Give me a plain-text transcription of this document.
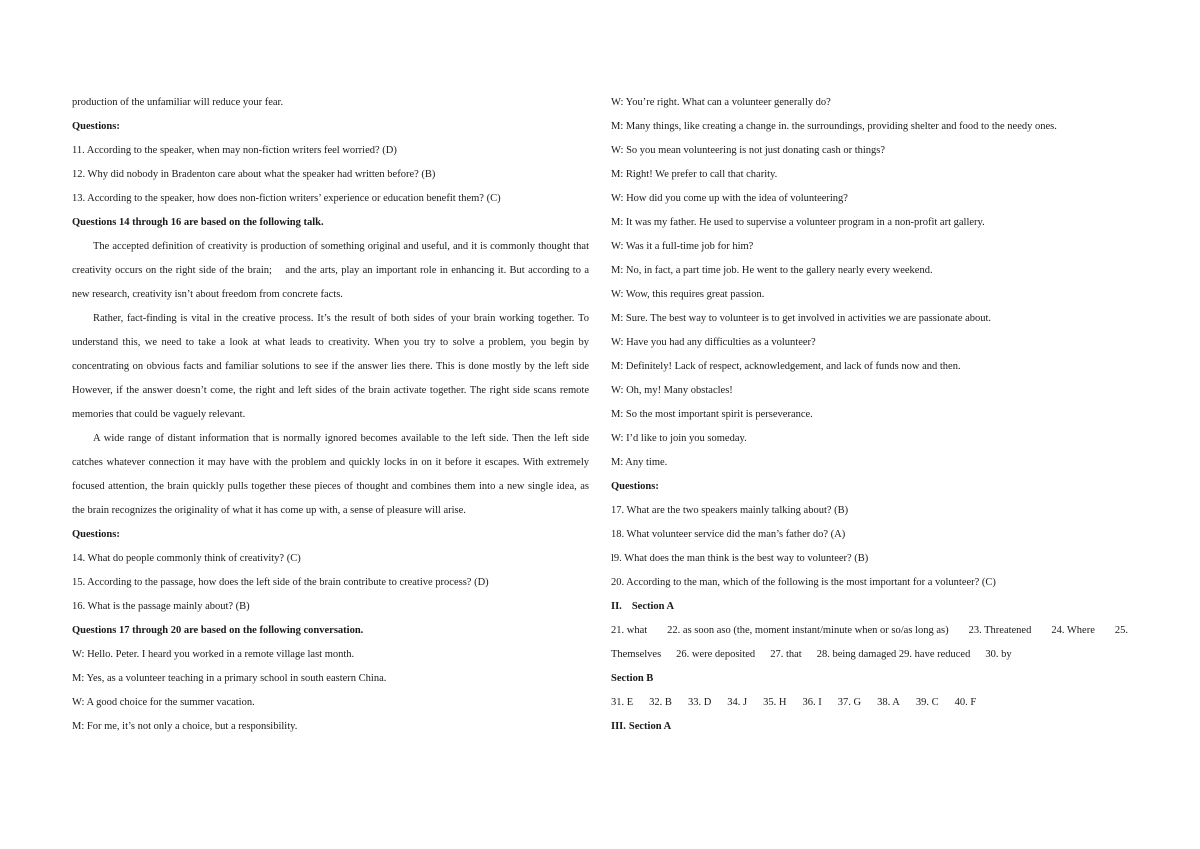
production of the unfamiliar will reduce your fear.
Questions:
11. According to the speaker, when may non-fiction writers feel worried? (D)
12. Why did nobody in Bradenton care about what the speaker had written before? (B)
13. According to the speaker, how does non-fiction writers’ experience or education benefit them? (C)
Questions 14 through 16 are based on the following talk.
The accepted definition of creativity is production of something original and useful, and it is commonly thought that
creativity occurs on the right side of the brain;    and the arts, play an important role in enhancing it. But according to a
new research, creativity isn’t about freedom from concrete facts.
Rather, fact-finding is vital in the creative process. It’s the result of both sides of your brain working together. To
understand this, we need to take a look at what leads to creativity. When you try to solve a problem, you begin by
concentrating on obvious facts and familiar solutions to see if the answer lies there. This is done mostly by the left side
However, if the answer doesn’t come, the right and left sides of the brain activate together. The right side scans remote
memories that could be vaguely relevant.
A wide range of distant information that is normally ignored becomes available to the left side. Then the left side
catches whatever connection it may have with the problem and quickly locks in on it before it escapes. With extremely
focused attention, the brain quickly pulls together these pieces of thought and combines them into a new single idea, as
the brain recognizes the originality of what it has come up with, a sense of pleasure will arise.
Questions:
14. What do people commonly think of creativity? (C)
15. According to the passage, how does the left side of the brain contribute to creative process? (D)
16. What is the passage mainly about? (B)
Questions 17 through 20 are based on the following conversation.
W: Hello. Peter. I heard you worked in a remote village last month.
M: Yes, as a volunteer teaching in a primary school in south eastern China.
W: A good choice for the summer vacation.
M: For me, it’s not only a choice, but a responsibility.
W: You’re right. What can a volunteer generally do?
M: Many things, like creating a change in. the surroundings, providing shelter and food to the needy ones.
W: So you mean volunteering is not just donating cash or things?
M: Right! We prefer to call that charity.
W: How did you come up with the idea of volunteering?
M: It was my father. He used to supervise a volunteer program in a non-profit art gallery.
W: Was it a full-time job for him?
M: No, in fact, a part time job. He went to the gallery nearly every weekend.
W: Wow, this requires great passion.
M: Sure. The best way to volunteer is to get involved in activities we are passionate about.
W: Have you had any difficulties as a volunteer?
M: Definitely! Lack of respect, acknowledgement, and lack of funds now and then.
W: Oh, my! Many obstacles!
M: So the most important spirit is perseverance.
W: I’d like to join you someday.
M: Any time.
Questions:
17. What are the two speakers mainly talking about? (B)
18. What volunteer service did the man’s father do? (A)
l9. What does the man think is the best way to volunteer? (B)
20. According to the man, which of the following is the most important for a volunteer? (C)
II. Section A
21. what 22. as soon aso (the, moment instant/minute when or so/as long as) 23. Threatened 24. Where 25.
Themselves 26. were deposited 27. that 28. being damaged 29. have reduced 30. by
Section B
31. E 32. B 33. D 34. J 35. H 36. I 37. G 38. A 39. C 40. F
III. Section A
